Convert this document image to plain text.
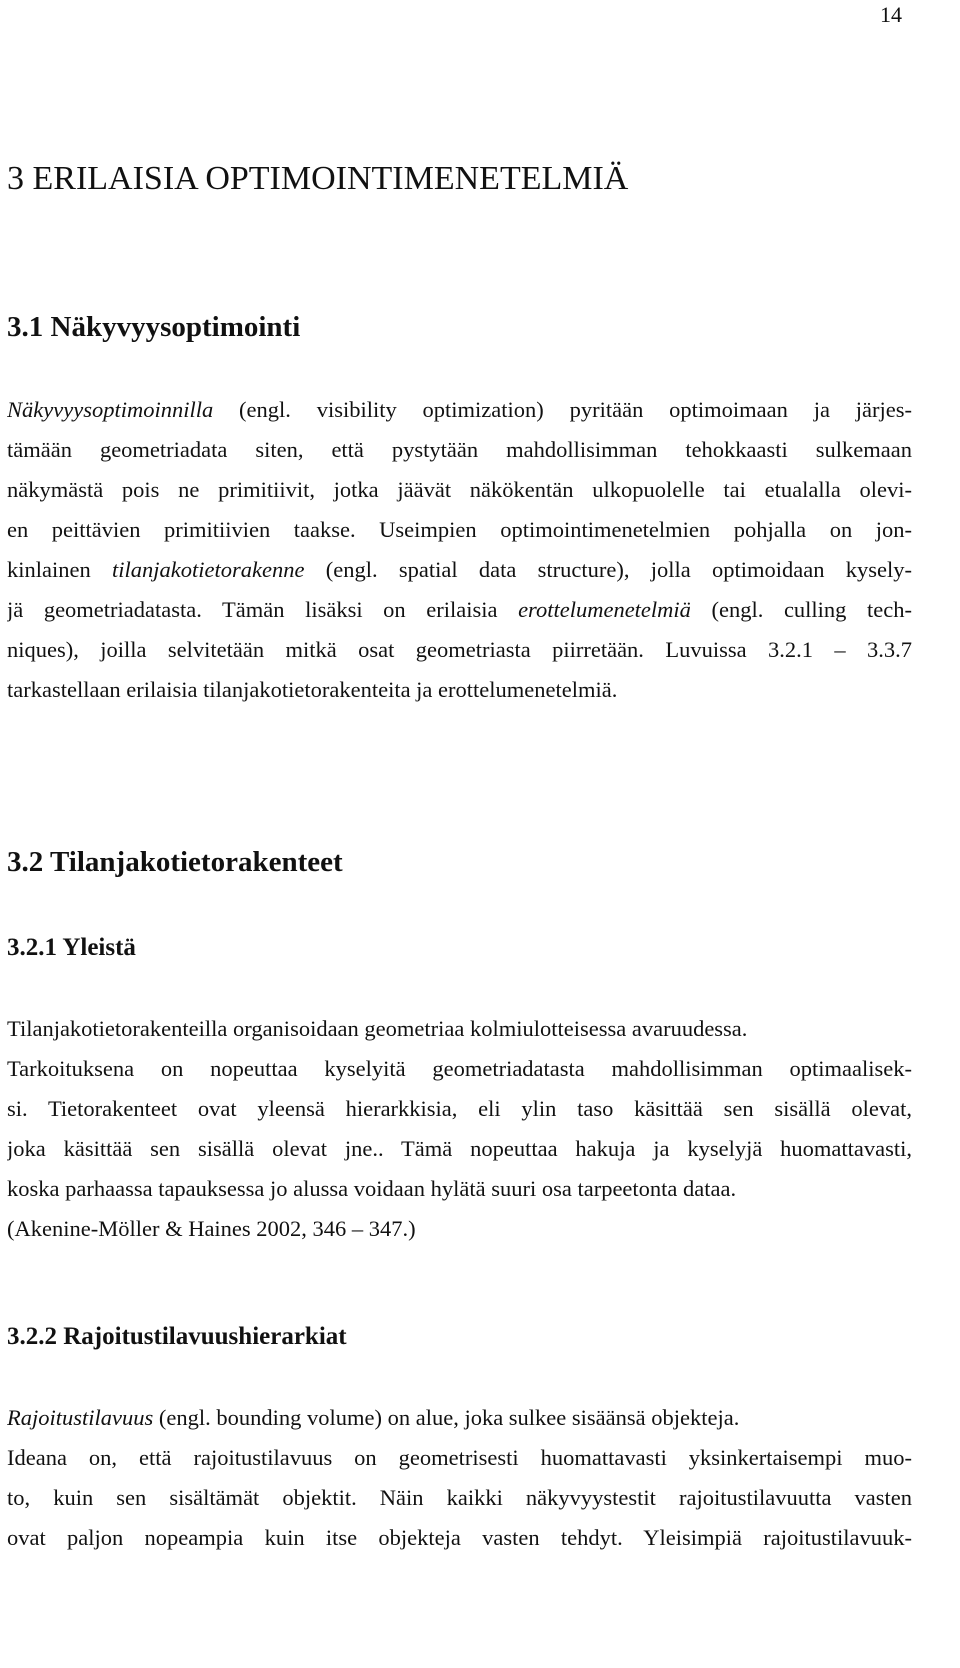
14
3 ERILAISIA OPTIMOINTIMENETELMIÄ
3.1 Näkyvyysoptimointi
Näkyvyysoptimoinnilla (engl. visibility optimization) pyritään optimoimaan ja järjes-
tämään geometriadata siten, että pystytään mahdollisimman tehokkaasti sulkemaan
näkymästä pois ne primitiivit, jotka jäävät näkökentän ulkopuolelle tai etualalla olevi-
en peittävien primitiivien taakse. Useimpien optimointimenetelmien pohjalla on jon-
kinlainen tilanjakotietorakenne (engl. spatial data structure), jolla optimoidaan kysely-
jä geometriadatasta. Tämän lisäksi on erilaisia erottelumenetelmiä (engl. culling tech-
niques), joilla selvitetään mitkä osat geometriasta piirretään. Luvuissa 3.2.1 – 3.3.7
tarkastellaan erilaisia tilanjakotietorakenteita ja erottelumenetelmiä.
3.2 Tilanjakotietorakenteet
3.2.1 Yleistä
Tilanjakotietorakenteilla organisoidaan geometriaa kolmiulotteisessa avaruudessa.
Tarkoituksena on nopeuttaa kyselyitä geometriadatasta mahdollisimman optimaalisek-
si. Tietorakenteet ovat yleensä hierarkkisia, eli ylin taso käsittää sen sisällä olevat,
joka käsittää sen sisällä olevat jne.. Tämä nopeuttaa hakuja ja kyselyjä huomattavasti,
koska parhaassa tapauksessa jo alussa voidaan hylätä suuri osa tarpeetonta dataa.
(Akenine-Möller & Haines 2002, 346 – 347.)
3.2.2 Rajoitustilavuushierarkiat
Rajoitustilavuus (engl. bounding volume) on alue, joka sulkee sisäänsä objekteja.
Ideana on, että rajoitustilavuus on geometrisesti huomattavasti yksinkertaisempi muo-
to, kuin sen sisältämät objektit. Näin kaikki näkyvyystestit rajoitustilavuutta vasten
ovat paljon nopeampia kuin itse objekteja vasten tehdyt. Yleisimpiä rajoitustilavuuk-
